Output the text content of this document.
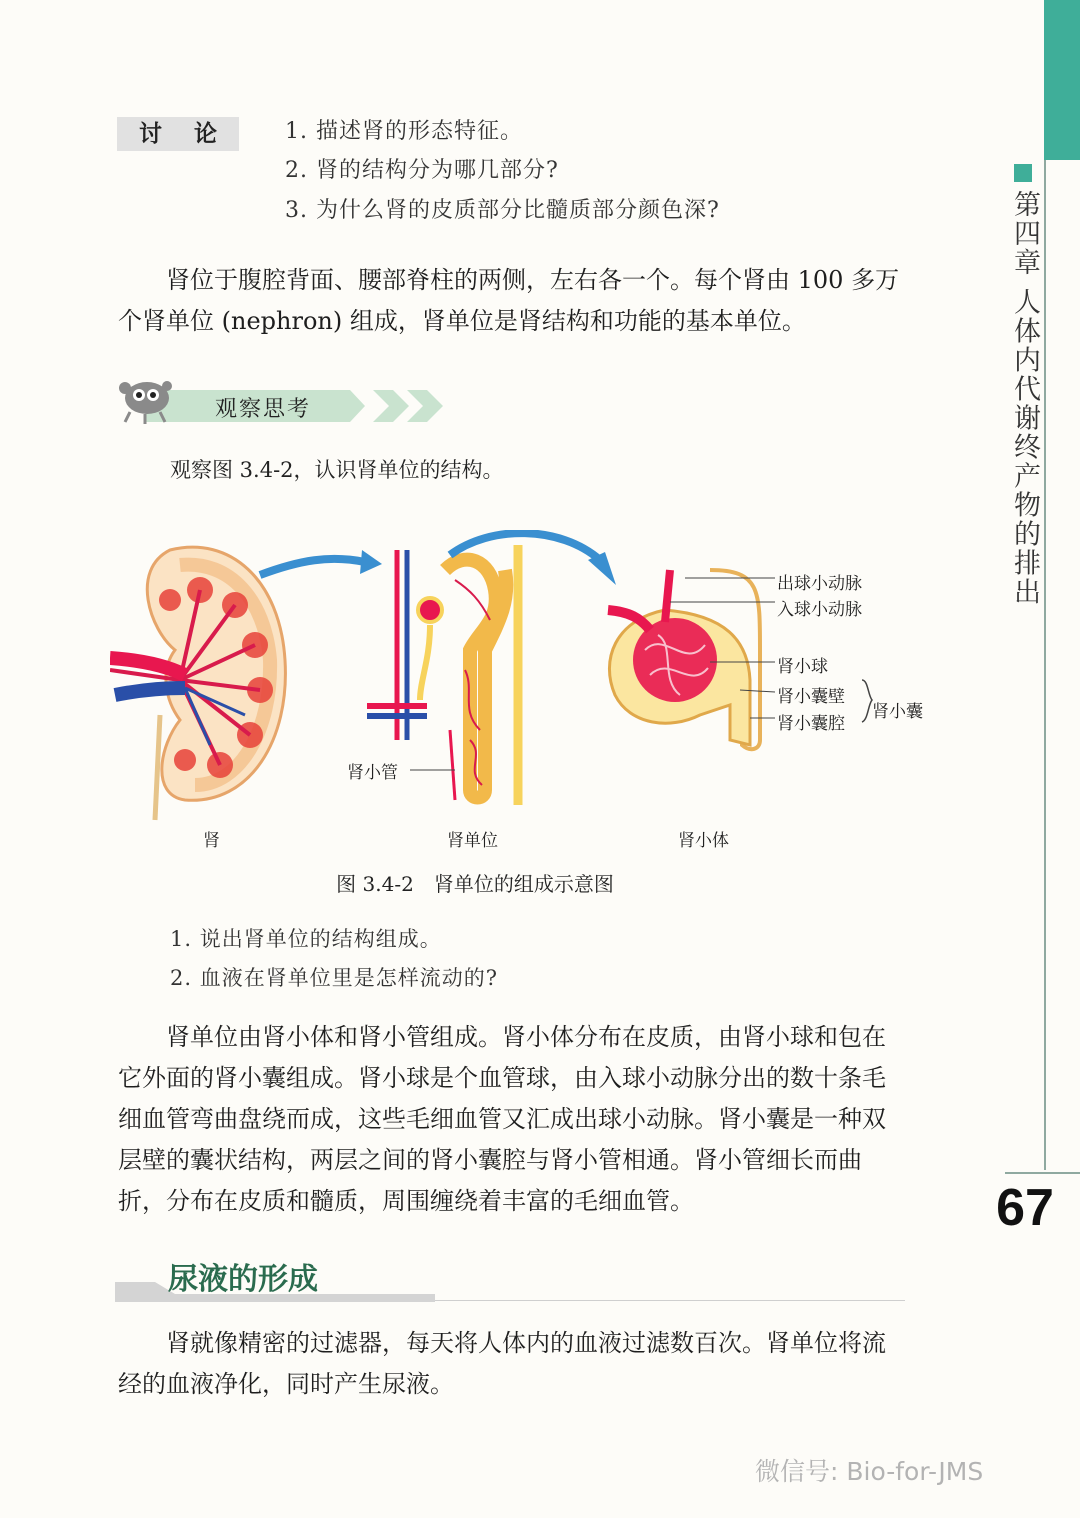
第四章 人体内代谢终产物的排出
67
讨 论	1. 描述肾的形态特征。
2. 肾的结构分为哪几部分?
3. 为什么肾的皮质部分比髓质部分颜色深?
肾位于腹腔背面、腰部脊柱的两侧，左右各一个。每个肾由 100 多万个肾单位 (nephron) 组成，肾单位是肾结构和功能的基本单位。
观察思考
观察图 3.4-2，认识肾单位的结构。
出球小动脉
入球小动脉
肾小球
肾小囊壁
肾小囊腔
肾小囊
肾小管
肾	肾单位	肾小体
图 3.4-2　肾单位的组成示意图
1. 说出肾单位的结构组成。
2. 血液在肾单位里是怎样流动的?
肾单位由肾小体和肾小管组成。肾小体分布在皮质，由肾小球和包在它外面的肾小囊组成。肾小球是个血管球，由入球小动脉分出的数十条毛细血管弯曲盘绕而成，这些毛细血管又汇成出球小动脉。肾小囊是一种双层壁的囊状结构，两层之间的肾小囊腔与肾小管相通。肾小管细长而曲折，分布在皮质和髓质，周围缠绕着丰富的毛细血管。
尿液的形成
肾就像精密的过滤器，每天将人体内的血液过滤数百次。肾单位将流经的血液净化，同时产生尿液。
微信号: Bio-for-JMS
